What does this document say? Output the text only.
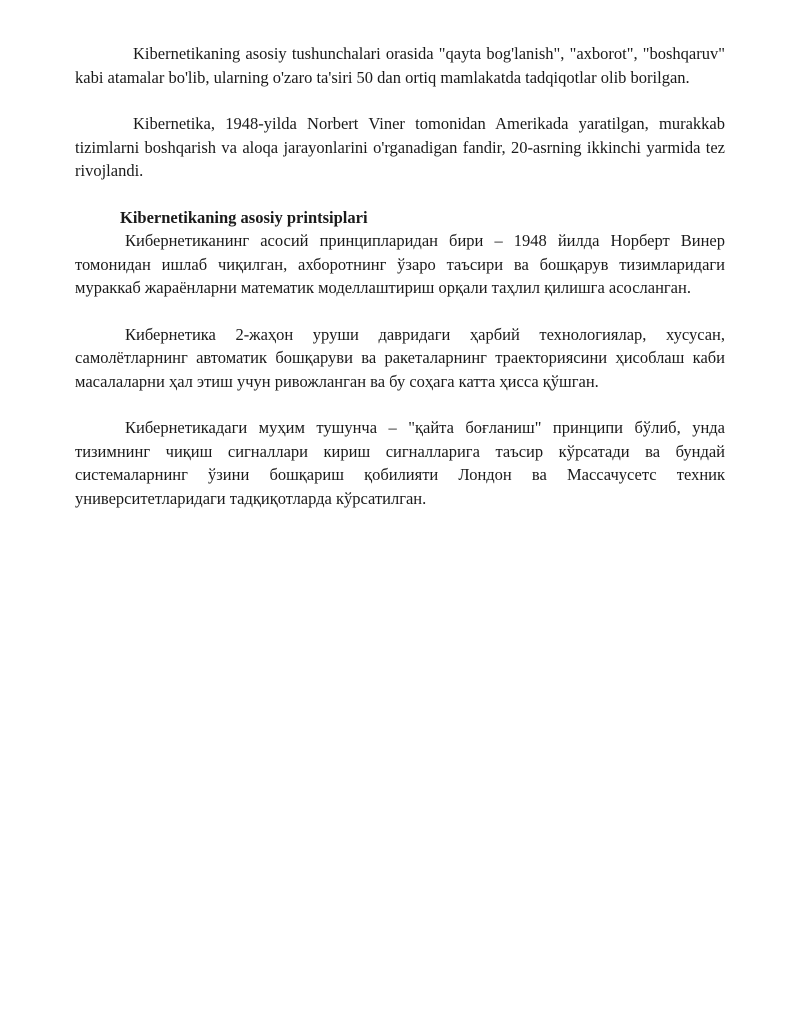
Kibernetikaning asosiy tushunchalari orasida "qayta bog'lanish", "axborot", "boshqaruv" kabi atamalar bo'lib, ularning o'zaro ta'siri 50 dan ortiq mamlakatda tadqiqotlar olib borilgan.

Kibernetika, 1948-yilda Norbert Viner tomonidan Amerikada yaratilgan, murakkab tizimlarni boshqarish va aloqa jarayonlarini o'rganadigan fandir, 20-asrning ikkinchi yarmida tez rivojlandi.

Kibernetikaning asosiy printsiplari

Кибернетиканинг асосий принципларидан бири – 1948 йилда Норберт Винер томонидан ишлаб чиқилган, ахборотнинг ўзаро таъсири ва бошқарув тизимларидаги мураккаб жараёнларни математик моделлаштириш орқали таҳлил қилишга асосланган.

Кибернетика 2-жаҳон уруши давридаги ҳарбий технологиялар, хусусан, самолётларнинг автоматик бошқаруви ва ракеталарнинг траекториясини ҳисоблаш каби масалаларни ҳал этиш учун ривожланган ва бу соҳага катта ҳисса қўшган.

Кибернетикадаги муҳим тушунча – "қайта боғланиш" принципи бўлиб, унда тизимнинг чиқиш сигналлари кириш сигналларига таъсир кўрсатади ва бундай системаларнинг ўзини бошқариш қобилияти Лондон ва Массачусетс техник университетларидаги тадқиқотларда кўрсатилган.
